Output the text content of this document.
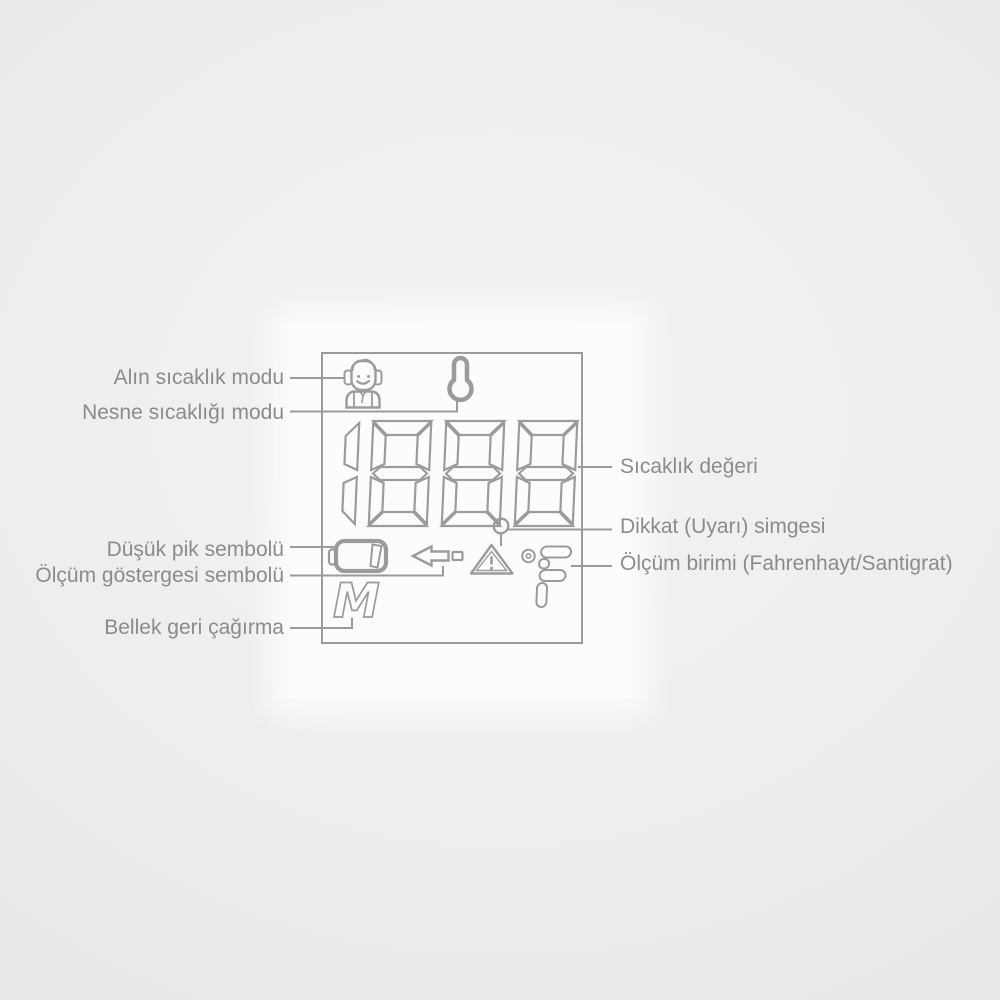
M
Alın sıcaklık modu
Nesne sıcaklığı modu
Düşük pik sembolü
Ölçüm göstergesi sembolü
Bellek geri çağırma
Sıcaklık değeri
Dikkat (Uyarı) simgesi
Ölçüm birimi (Fahrenhayt/Santigrat)
